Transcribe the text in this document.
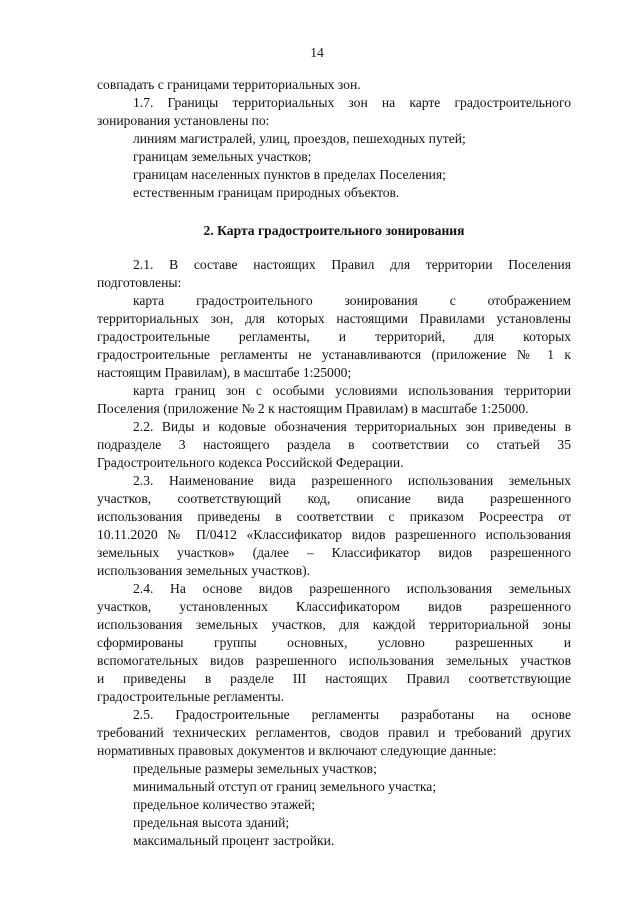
14

совпадать с границами территориальных зон.

1.7. Границы территориальных зон на карте градостроительного
зонирования установлены по:

линиям магистралей, улиц, проездов, пешеходных путей;

границам земельных участков;

границам населенных пунктов в пределах Поселения;

естественным границам природных объектов.

2. Карта градостроительного зонирования

2.1. В составе настоящих Правил для территории Поселения
подготовлены:
карта градостроительного зонирования с отображением
территориальных зон, для которых настоящими Правилами установлены
градостроительные регламенты, и территорий, для которых
градостроительные регламенты не устанавливаются (приложение № 1 к
настоящим Правилам), в масштабе 1:25000;
карта границ зон с особыми условиями использования территории
Поселения (приложение № 2 к настоящим Правилам) в масштабе 1:25000.
2.2. Виды и кодовые обозначения территориальных зон приведены в
подразделе 3 настоящего раздела в соответствии со статьей 35
Градостроительного кодекса Российской Федерации.
2.3. Наименование вида разрешенного использования земельных
участков, соответствующий код, описание вида разрешенного
использования приведены в соответствии с приказом Росреестра от
10.11.2020 № П/0412 «Классификатор видов разрешенного использования
земельных участков» (далее – Классификатор видов разрешенного
использования земельных участков).
2.4. На основе видов разрешенного использования земельных
участков, установленных Классификатором видов разрешенного
использования земельных участков, для каждой территориальной зоны
сформированы группы основных, условно разрешенных и
вспомогательных видов разрешенного использования земельных участков
и приведены в разделе III настоящих Правил соответствующие
градостроительные регламенты.
2.5. Градостроительные регламенты разработаны на основе
требований технических регламентов, сводов правил и требований других
нормативных правовых документов и включают следующие данные:

предельные размеры земельных участков;

минимальный отступ от границ земельного участка;

предельное количество этажей;

предельная высота зданий;

максимальный процент застройки.
